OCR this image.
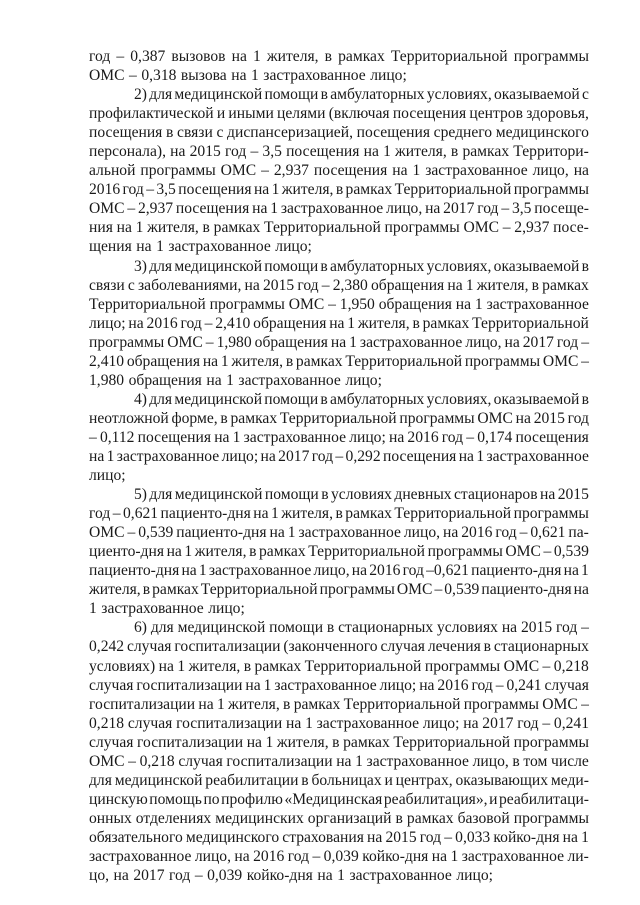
год – 0,387 вызовов на 1 жителя, в рамках Территориальной программы
ОМС – 0,318 вызова на 1 застрахованное лицо;
2) для медицинской помощи в амбулаторных условиях, оказываемой с
профилактической и иными целями (включая посещения центров здоровья,
посещения в связи с диспансеризацией, посещения среднего медицинского
персонала), на 2015 год – 3,5 посещения на 1 жителя, в рамках Территори-
альной программы ОМС – 2,937 посещения на 1 застрахованное лицо, на
2016 год – 3,5 посещения на 1 жителя, в рамках Территориальной программы
ОМС – 2,937 посещения на 1 застрахованное лицо, на 2017 год – 3,5 посеще-
ния на 1 жителя, в рамках Территориальной программы ОМС – 2,937 посе-
щения на 1 застрахованное лицо;
3) для медицинской помощи в амбулаторных условиях, оказываемой в
связи с заболеваниями, на 2015 год – 2,380 обращения на 1 жителя, в рамках
Территориальной программы ОМС – 1,950 обращения на 1 застрахованное
лицо; на 2016 год – 2,410 обращения на 1 жителя, в рамках Территориальной
программы ОМС – 1,980 обращения на 1 застрахованное лицо, на 2017 год –
2,410 обращения на 1 жителя, в рамках Территориальной программы ОМС –
1,980 обращения на 1 застрахованное лицо;
4) для медицинской помощи в амбулаторных условиях, оказываемой в
неотложной форме, в рамках Территориальной программы ОМС на 2015 год
– 0,112 посещения на 1 застрахованное лицо; на 2016 год – 0,174 посещения
на 1 застрахованное лицо; на 2017 год – 0,292 посещения на 1 застрахованное
лицо;
5) для медицинской помощи в условиях дневных стационаров на 2015
год – 0,621 пациенто-дня на 1 жителя, в рамках Территориальной программы
ОМС – 0,539 пациенто-дня на 1 застрахованное лицо, на 2016 год – 0,621 па-
циенто-дня на 1 жителя, в рамках Территориальной программы ОМС – 0,539
пациенто-дня на 1 застрахованное лицо, на 2016 год –0,621 пациенто-дня на 1
жителя, в рамках Территориальной программы ОМС – 0,539 пациенто-дня на
1 застрахованное лицо;
6) для медицинской помощи в стационарных условиях на 2015 год –
0,242 случая госпитализации (законченного случая лечения в стационарных
условиях) на 1 жителя, в рамках Территориальной программы ОМС – 0,218
случая госпитализации на 1 застрахованное лицо; на 2016 год – 0,241 случая
госпитализации на 1 жителя, в рамках Территориальной программы ОМС –
0,218 случая госпитализации на 1 застрахованное лицо; на 2017 год – 0,241
случая госпитализации на 1 жителя, в рамках Территориальной программы
ОМС – 0,218 случая госпитализации на 1 застрахованное лицо, в том числе
для медицинской реабилитации в больницах и центрах, оказывающих меди-
цинскую помощь по профилю «Медицинская реабилитация», и реабилитаци-
онных отделениях медицинских организаций в рамках базовой программы
обязательного медицинского страхования на 2015 год – 0,033 койко-дня на 1
застрахованное лицо, на 2016 год – 0,039 койко-дня на 1 застрахованное ли-
цо, на 2017 год – 0,039 койко-дня на 1 застрахованное лицо;
